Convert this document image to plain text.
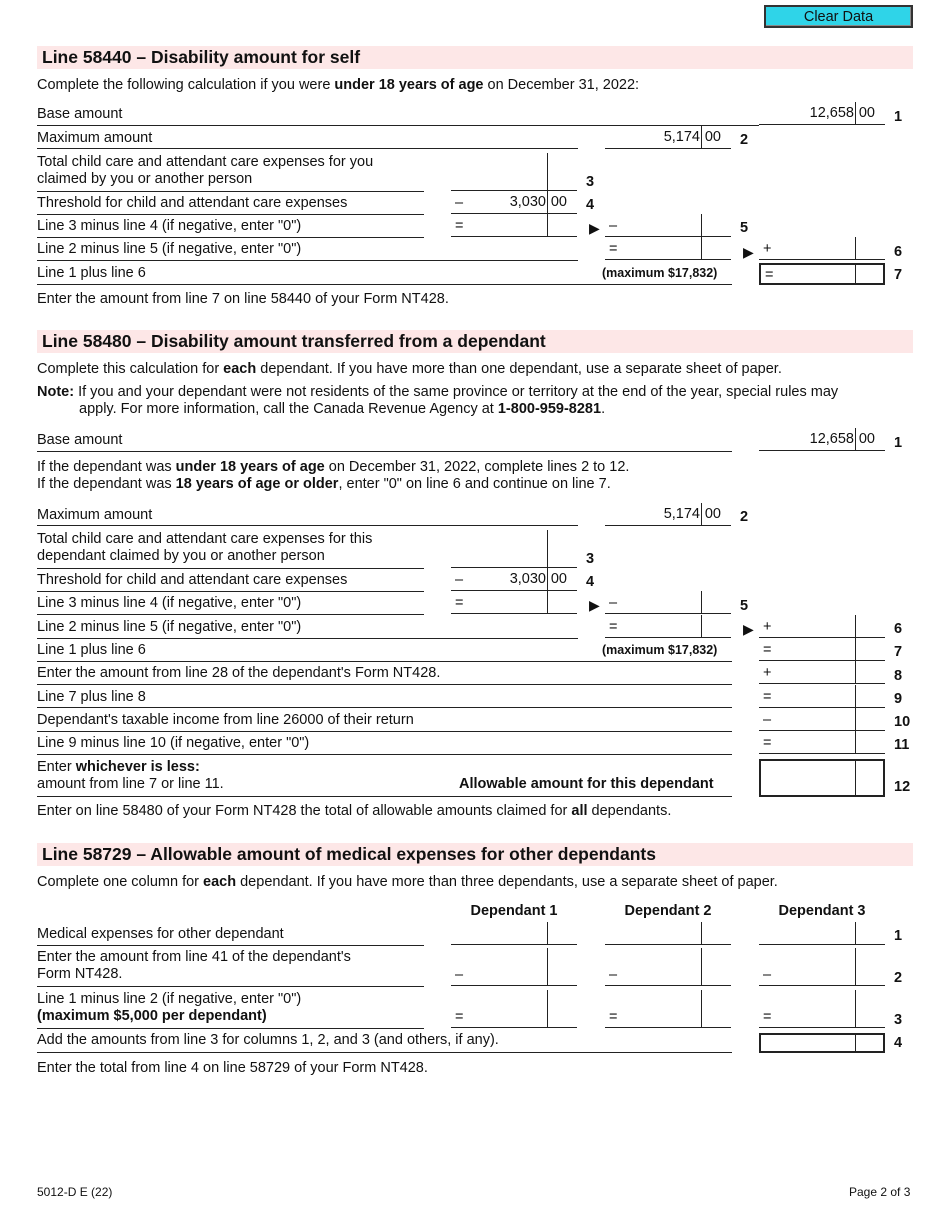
Clear Data
Line 58440 – Disability amount for self
Complete the following calculation if you were under 18 years of age on December 31, 2022:
Base amount	12,658 00 1
Maximum amount	5,174 00 2
Total child care and attendant care expenses for you
claimed by you or another person	3
Threshold for child and attendant care expenses	–	3,030 00 4
Line 3 minus line 4 (if negative, enter "0")	=	▶ –	5
Line 2 minus line 5 (if negative, enter "0")	=	▶ +	6
Line 1 plus line 6	(maximum $17,832)	=	7
Enter the amount from line 7 on line 58440 of your Form NT428.
Line 58480 – Disability amount transferred from a dependant
Complete this calculation for each dependant. If you have more than one dependant, use a separate sheet of paper.
Note: If you and your dependant were not residents of the same province or territory at the end of the year, special rules may
apply. For more information, call the Canada Revenue Agency at 1-800-959-8281.
Base amount	12,658 00 1
If the dependant was under 18 years of age on December 31, 2022, complete lines 2 to 12.
If the dependant was 18 years of age or older, enter "0" on line 6 and continue on line 7.
Maximum amount	5,174 00 2
Total child care and attendant care expenses for this
dependant claimed by you or another person	3
Threshold for child and attendant care expenses	–	3,030 00 4
Line 3 minus line 4 (if negative, enter "0")	=	▶ –	5
Line 2 minus line 5 (if negative, enter "0")	=	▶ +	6
Line 1 plus line 6	(maximum $17,832)	=	7
Enter the amount from line 28 of the dependant's Form NT428.	+	8
Line 7 plus line 8	=	9
Dependant's taxable income from line 26000 of their return	–	10
Line 9 minus line 10 (if negative, enter "0")	=	11
Enter whichever is less:
amount from line 7 or line 11.	Allowable amount for this dependant	12
Enter on line 58480 of your Form NT428 the total of allowable amounts claimed for all dependants.
Line 58729 – Allowable amount of medical expenses for other dependants
Complete one column for each dependant. If you have more than three dependants, use a separate sheet of paper.
Dependant 1	Dependant 2	Dependant 3
Medical expenses for other dependant	1
Enter the amount from line 41 of the dependant's
Form NT428.	–	–	–	2
Line 1 minus line 2 (if negative, enter "0")
(maximum $5,000 per dependant)	=	=	=	3
Add the amounts from line 3 for columns 1, 2, and 3 (and others, if any).	4
Enter the total from line 4 on line 58729 of your Form NT428.
5012-D E (22)	Page 2 of 3
